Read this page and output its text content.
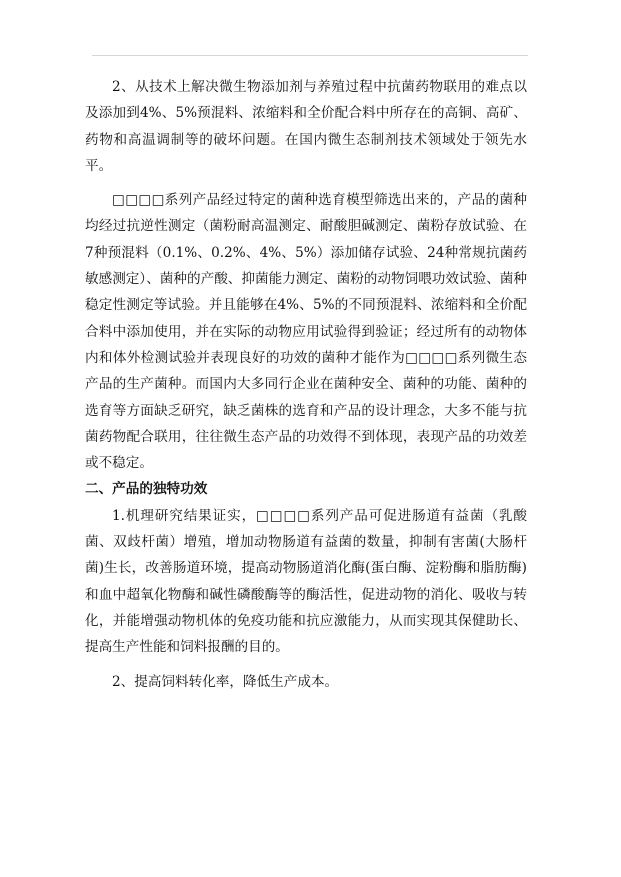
2、从技术上解决微生物添加剂与养殖过程中抗菌药物联用的难点以及添加到4%、5%预混料、浓缩料和全价配合料中所存在的高铜、高矿、药物和高温调制等的破坏问题。在国内微生态制剂技术领域处于领先水平。

□□□□系列产品经过特定的菌种选育模型筛选出来的，产品的菌种均经过抗逆性测定（菌粉耐高温测定、耐酸胆碱测定、菌粉存放试验、在7种预混料（0.1%、0.2%、4%、5%）添加储存试验、24种常规抗菌药敏感测定）、菌种的产酸、抑菌能力测定、菌粉的动物饲喂功效试验、菌种稳定性测定等试验。并且能够在4%、5%的不同预混料、浓缩料和全价配合料中添加使用，并在实际的动物应用试验得到验证；经过所有的动物体内和体外检测试验并表现良好的功效的菌种才能作为□□□□系列微生态产品的生产菌种。而国内大多同行企业在菌种安全、菌种的功能、菌种的选育等方面缺乏研究，缺乏菌株的选育和产品的设计理念，大多不能与抗菌药物配合联用，往往微生态产品的功效得不到体现，表现产品的功效差或不稳定。

二、产品的独特功效

1.机理研究结果证实，□□□□系列产品可促进肠道有益菌（乳酸菌、双歧杆菌）增殖，增加动物肠道有益菌的数量，抑制有害菌(大肠杆菌)生长，改善肠道环境，提高动物肠道消化酶(蛋白酶、淀粉酶和脂肪酶)和血中超氧化物酶和碱性磷酸酶等的酶活性，促进动物的消化、吸收与转化，并能增强动物机体的免疫功能和抗应激能力，从而实现其保健助长、提高生产性能和饲料报酬的目的。

2、提高饲料转化率，降低生产成本。
